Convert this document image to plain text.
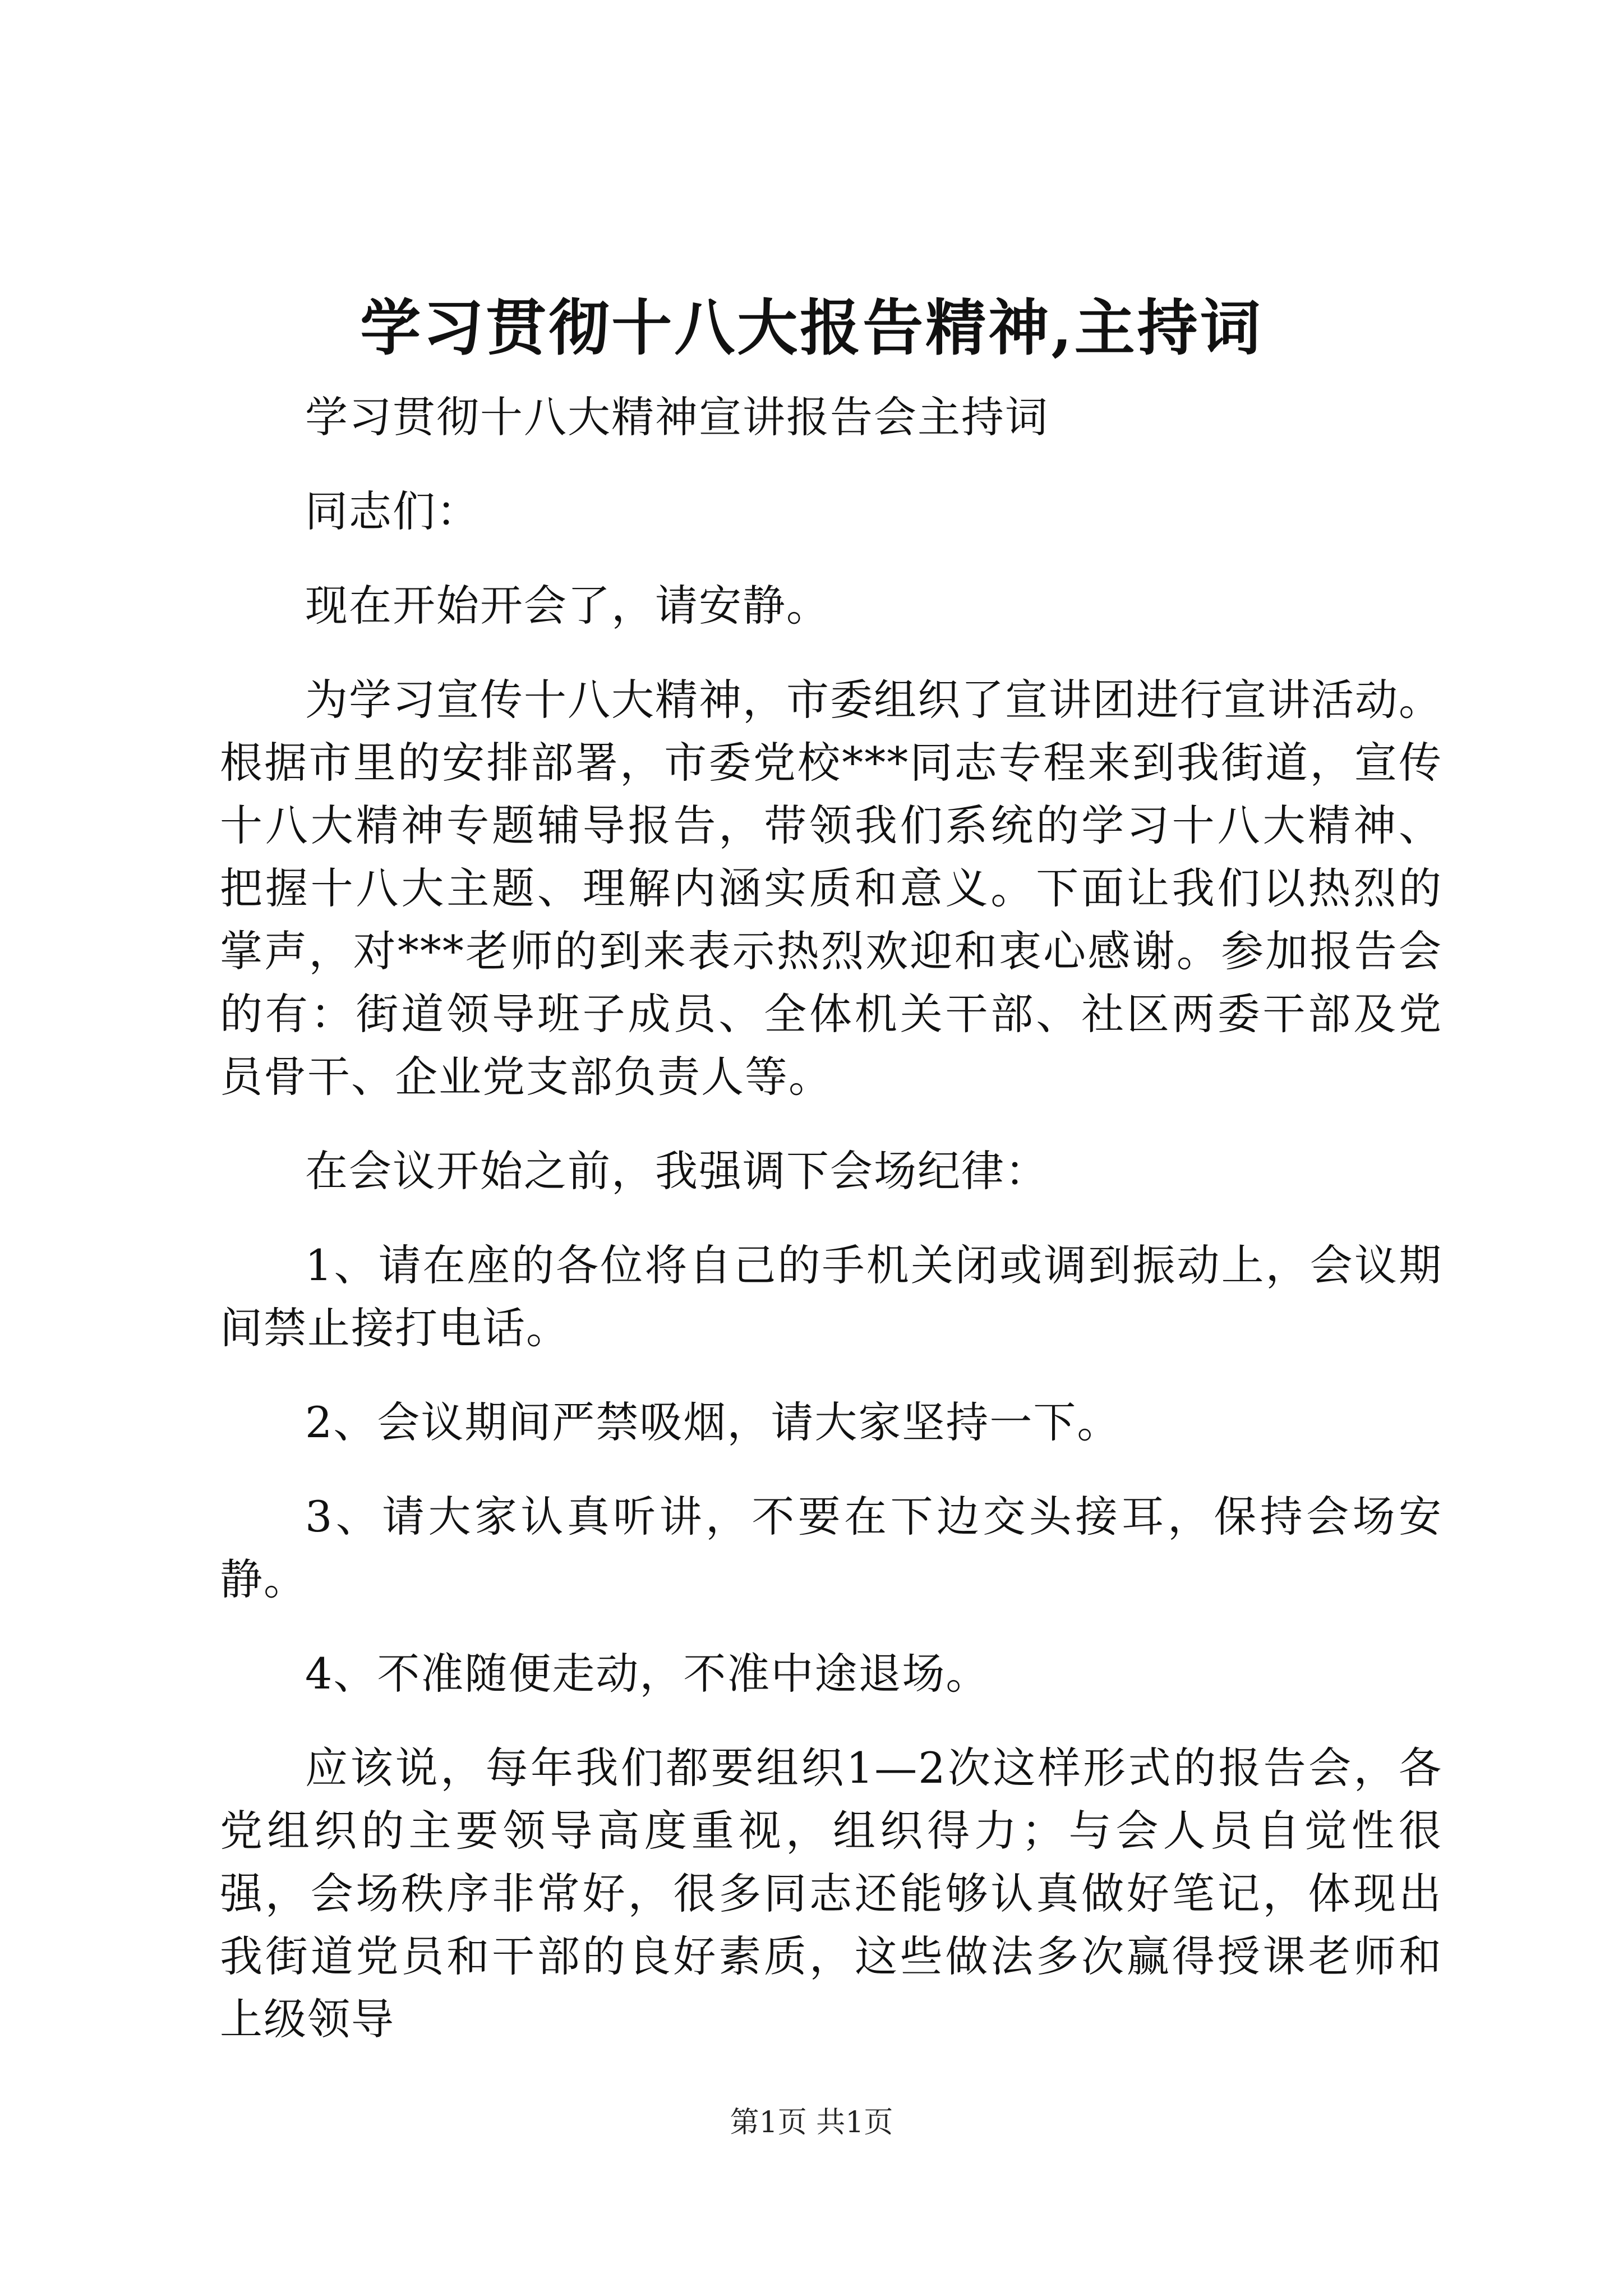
学习贯彻十八大报告精神,主持词

学习贯彻十八大精神宣讲报告会主持词

同志们：

现在开始开会了，请安静。

为学习宣传十八大精神，市委组织了宣讲团进行宣讲活动。根据市里的安排部署，市委党校***同志专程来到我街道，宣传十八大精神专题辅导报告，带领我们系统的学习十八大精神、把握十八大主题、理解内涵实质和意义。下面让我们以热烈的掌声，对***老师的到来表示热烈欢迎和衷心感谢。参加报告会的有：街道领导班子成员、全体机关干部、社区两委干部及党员骨干、企业党支部负责人等。

在会议开始之前，我强调下会场纪律：

1、请在座的各位将自己的手机关闭或调到振动上，会议期间禁止接打电话。

2、会议期间严禁吸烟，请大家坚持一下。

3、请大家认真听讲，不要在下边交头接耳，保持会场安静。

4、不准随便走动，不准中途退场。

应该说，每年我们都要组织1—2次这样形式的报告会，各党组织的主要领导高度重视，组织得力；与会人员自觉性很强，会场秩序非常好，很多同志还能够认真做好笔记，体现出我街道党员和干部的良好素质，这些做法多次赢得授课老师和上级领导

第1页 共1页
